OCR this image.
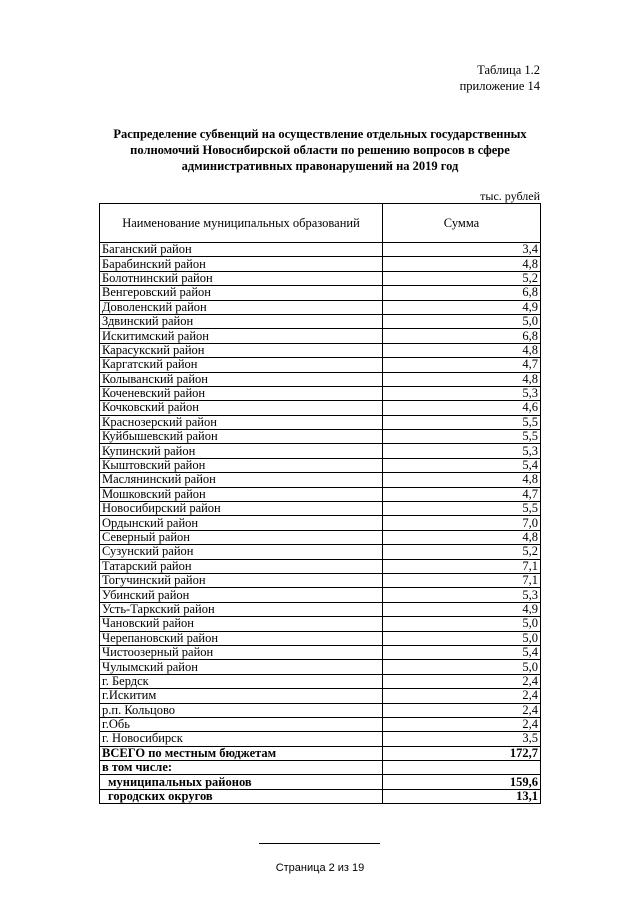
Таблица 1.2
приложение 14
Распределение субвенций на осуществление отдельных государственных
полномочий Новосибирской области по решению вопросов в сфере
административных правонарушений на 2019 год
тыс. рублей
Наименование муниципальных образований	Сумма
Баганский район	3,4
Барабинский район	4,8
Болотнинский район	5,2
Венгеровский район	6,8
Доволенский район	4,9
Здвинский район	5,0
Искитимский район	6,8
Карасукский район	4,8
Каргатский район	4,7
Колыванский район	4,8
Коченевский район	5,3
Кочковский район	4,6
Краснозерский район	5,5
Куйбышевский район	5,5
Купинский район	5,3
Кыштовский район	5,4
Маслянинский район	4,8
Мошковский район	4,7
Новосибирский район	5,5
Ордынский район	7,0
Северный район	4,8
Сузунский район	5,2
Татарский район	7,1
Тогучинский район	7,1
Убинский район	5,3
Усть-Таркский район	4,9
Чановский район	5,0
Черепановский район	5,0
Чистоозерный район	5,4
Чулымский район	5,0
г. Бердск	2,4
г.Искитим	2,4
р.п. Кольцово	2,4
г.Обь	2,4
г. Новосибирск	3,5
ВСЕГО по местным бюджетам	172,7
в том числе:	
муниципальных районов	159,6
городских округов	13,1
Страница 2 из 19
